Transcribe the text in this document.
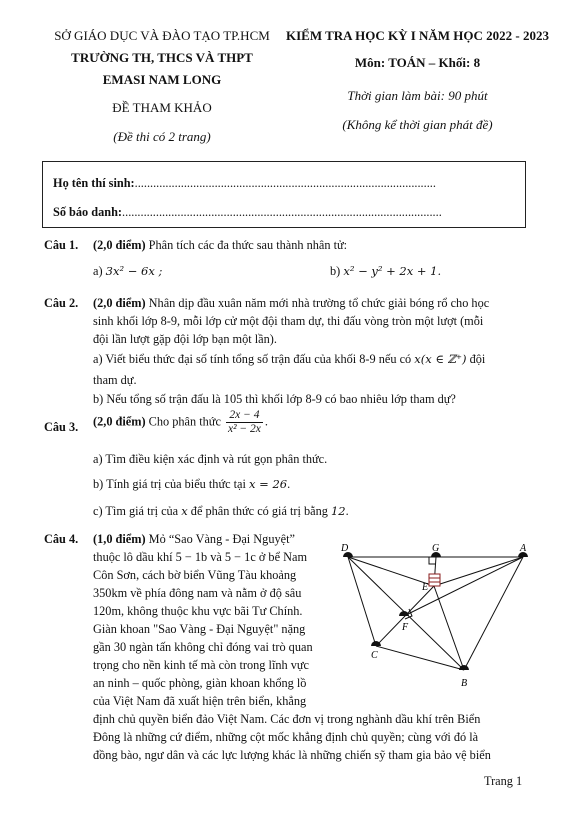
SỞ GIÁO DỤC VÀ ĐÀO TẠO TP.HCM
TRƯỜNG TH, THCS VÀ THPT
EMASI NAM LONG
ĐỀ THAM KHẢO
(Đề thi có 2 trang)
KIỂM TRA HỌC KỲ I NĂM HỌC 2022 - 2023
Môn: TOÁN – Khối: 8
Thời gian làm bài: 90 phút
(Không kể thời gian phát đề)
Họ tên thí sinh:..................................................................................................
Số báo danh:........................................................................................................
Câu 1. (2,0 điểm) Phân tích các đa thức sau thành nhân tử:
a) 3x² − 6x ;	b) x² − y² + 2x + 1.
Câu 2. (2,0 điểm) Nhân dịp đầu xuân năm mới nhà trường tổ chức giải bóng rổ cho học
sinh khối lớp 8-9, mỗi lớp cử một đội tham dự, thi đấu vòng tròn một lượt (mỗi
đội lần lượt gặp đội lớp bạn một lần).
a) Viết biểu thức đại số tính tổng số trận đấu của khối 8-9 nếu có x(x ∈ ℤ⁺) đội
tham dự.
b) Nếu tổng số trận đấu là 105 thì khối lớp 8-9 có bao nhiêu lớp tham dự?
Câu 3. (2,0 điểm) Cho phân thức $\frac{2x - 4}{\text{x² − 2x}}$ .
a) Tìm điều kiện xác định và rút gọn phân thức.
b) Tính giá trị của biểu thức tại x = 26.
c) Tìm giá trị của x để phân thức có giá trị bằng 12.
Câu 4. (1,0 điểm) Mỏ “Sao Vàng - Đại Nguyệt”
thuộc lô dầu khí 5 − 1b và 5 − 1c ở bể Nam
Côn Sơn, cách bờ biển Vũng Tàu khoảng
350km về phía đông nam và nằm ở độ sâu
120m, không thuộc khu vực bãi Tư Chính.
Giàn khoan "Sao Vàng - Đại Nguyệt" nặng
gần 30 ngàn tấn không chỉ đóng vai trò quan
trọng cho nền kinh tế mà còn trong lĩnh vực
an ninh – quốc phòng, giàn khoan khổng lồ
của Việt Nam đã xuất hiện trên biển, khẳng
định chủ quyền biển đảo Việt Nam. Các đơn vị trong nghành dầu khí trên Biển
Đông là những cứ điểm, những cột mốc khẳng định chủ quyền; cùng với đó là
đồng bào, ngư dân và các lực lượng khác là những chiến sỹ tham gia bảo vệ biển
D	G	A
E
F
C
B
Trang 1
